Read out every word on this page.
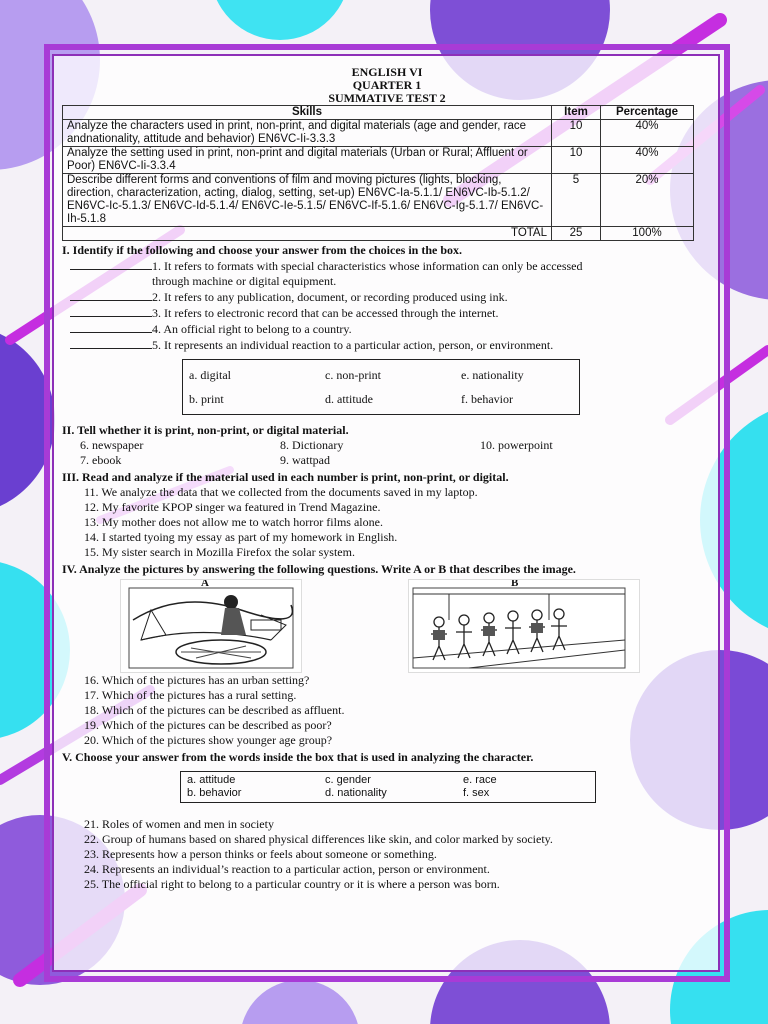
ENGLISH VI
QUARTER 1
SUMMATIVE TEST 2
Skills	Item	Percentage
Analyze the characters used in print, non-print, and digital materials (age and gender, race andnationality, attitude and behavior) EN6VC-Ii-3.3.3	10	40%
Analyze the setting used in print, non-print and digital materials (Urban or Rural; Affluent or Poor) EN6VC-Ii-3.3.4	10	40%
Describe different forms and conventions of film and moving pictures (lights, blocking, direction, characterization, acting, dialog, setting, set-up) EN6VC-Ia-5.1.1/ EN6VC-Ib-5.1.2/ EN6VC-Ic-5.1.3/ EN6VC-Id-5.1.4/ EN6VC-Ie-5.1.5/ EN6VC-If-5.1.6/ EN6VC-Ig-5.1.7/ EN6VC-Ih-5.1.8	5	20%
TOTAL	25	100%
I. Identify if the following and choose your answer from the choices in the box.
1. It refers to formats with special characteristics whose information can only be accessed
through machine or digital equipment.
2. It refers to any publication, document, or recording produced using ink.
3. It refers to electronic record that can be accessed through the internet.
4. An official right to belong to a country.
5. It represents an individual reaction to a particular action, person, or environment.
a. digital	c. non-print	e. nationality
b. print	d. attitude	f. behavior
II. Tell whether it is print, non-print, or digital material.
6. newspaper	8. Dictionary	10. powerpoint
7. ebook	9. wattpad
III. Read and analyze if the material used in each number is print, non-print, or digital.
11. We analyze the data that we collected from the documents saved in my laptop.
12. My favorite KPOP singer wa featured in Trend Magazine.
13. My mother does not allow me to watch horror films alone.
14. I started tyoing my essay as part of my homework in English.
15. My sister search in Mozilla Firefox the solar system.
IV. Analyze the pictures by answering the following questions. Write A or B that describes the image.
A	B
16. Which of the pictures has an urban setting?
17. Which of the pictures has a rural setting.
18. Which of the pictures can be described as affluent.
19. Which of the pictures can be described as poor?
20. Which of the pictures show younger age group?
V. Choose your answer from the words inside the box that is used in analyzing the character.
a. attitude	c. gender	e. race
b. behavior	d. nationality	f. sex
21. Roles of women and men in society
22. Group of humans based on shared physical differences like skin, and color marked by society.
23. Represents how a person thinks or feels about someone or something.
24. Represents an individual’s reaction to a particular action, person or environment.
25. The official right to belong to a particular country or it is where a person was born.
